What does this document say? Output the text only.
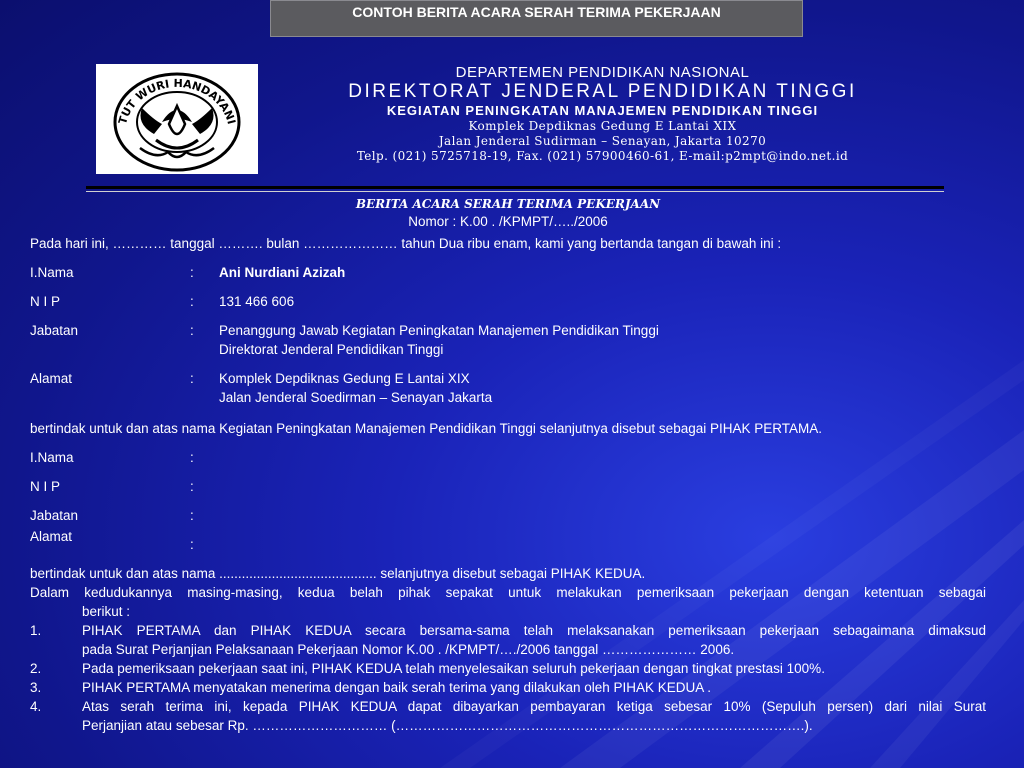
CONTOH BERITA ACARA SERAH TERIMA PEKERJAAN
TUT WURI HANDAYANI
DEPARTEMEN PENDIDIKAN NASIONAL
DIREKTORAT JENDERAL PENDIDIKAN TINGGI
KEGIATAN PENINGKATAN MANAJEMEN PENDIDIKAN TINGGI
Komplek Depdiknas Gedung E Lantai XIX
Jalan Jenderal Sudirman – Senayan, Jakarta 10270
Telp. (021) 5725718-19, Fax. (021) 57900460-61, E-mail:p2mpt@indo.net.id
BERITA ACARA SERAH TERIMA PEKERJAAN
Nomor : K.00 . /KPMPT/…../2006
Pada hari ini, ………… tanggal ………. bulan ………………… tahun Dua ribu enam, kami yang bertanda tangan di bawah ini :
I.Nama	: Ani Nurdiani Azizah
N I P	: 131 466 606
Jabatan	: Penanggung Jawab Kegiatan Peningkatan Manajemen Pendidikan Tinggi
Direktorat Jenderal Pendidikan Tinggi
Alamat	: Komplek Depdiknas Gedung E Lantai XIX
Jalan Jenderal Soedirman – Senayan Jakarta
bertindak untuk dan atas nama Kegiatan Peningkatan Manajemen Pendidikan Tinggi selanjutnya disebut sebagai PIHAK PERTAMA.
I.Nama	:
N I P	:
Jabatan	:
Alamat
:
bertindak untuk dan atas nama .......................................... selanjutnya disebut sebagai PIHAK KEDUA.
Dalam kedudukannya masing-masing, kedua belah pihak sepakat untuk melakukan pemeriksaan pekerjaan dengan ketentuan sebagai
berikut :
1.	PIHAK PERTAMA dan PIHAK KEDUA secara bersama-sama telah melaksanakan pemeriksaan pekerjaan sebagaimana dimaksud
pada Surat Perjanjian Pelaksanaan Pekerjaan Nomor K.00 . /KPMPT/…./2006 tanggal ………………… 2006.
2.	Pada pemeriksaan pekerjaan saat ini, PIHAK KEDUA telah menyelesaikan seluruh pekerjaan dengan tingkat prestasi 100%.
3.	PIHAK PERTAMA menyatakan menerima dengan baik serah terima yang dilakukan oleh PIHAK KEDUA .
4.	Atas serah terima ini, kepada PIHAK KEDUA dapat dibayarkan pembayaran ketiga sebesar 10% (Sepuluh persen) dari nilai Surat
Perjanjian atau sebesar Rp. ………………………… (……………………………………………………………………………….).
